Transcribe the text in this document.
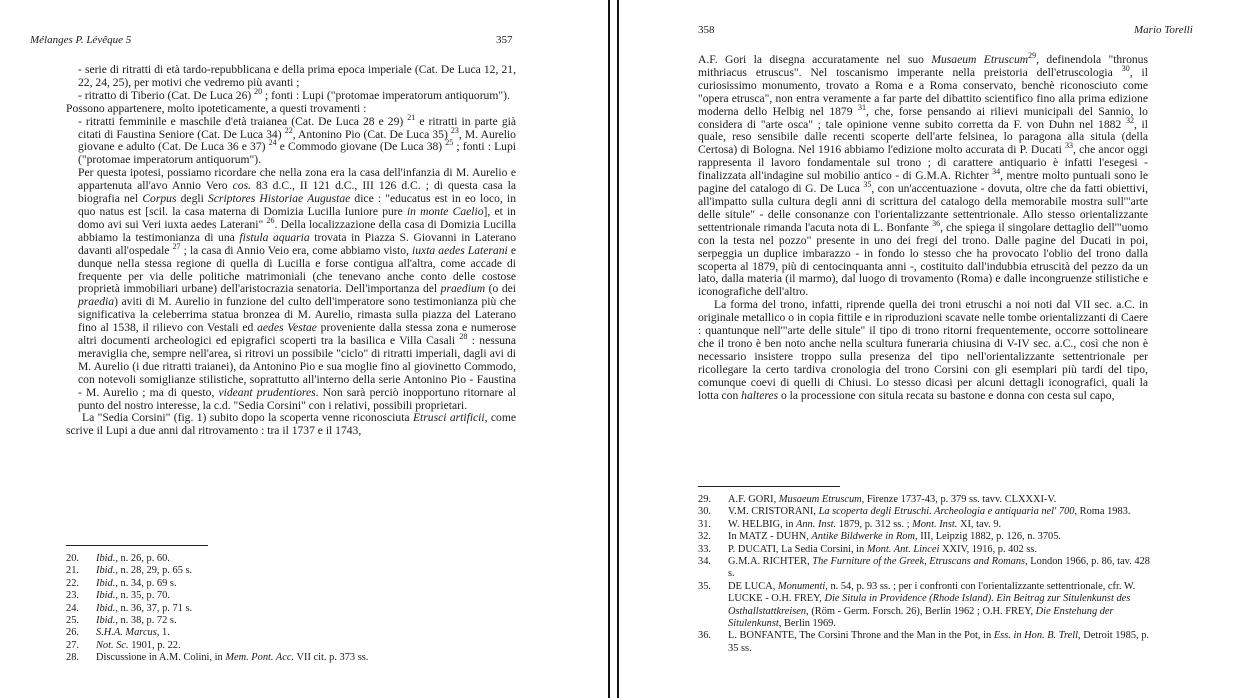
Mélanges P. Lévêque 5	357

- serie di ritratti di età tardo-repubblicana e della prima epoca imperiale (Cat. De Luca 12, 21, 22, 24, 25), per motivi che vedremo più avanti ;

- ritratto di Tiberio (Cat. De Luca 26) $^{20}$ ; fonti : Lupi ("protomae imperatorum antiquorum").

Possono appartenere, molto ipoteticamente, a questi trovamenti :

- ritratti femminile e maschile d'età traianea (Cat. De Luca 28 e 29) $^{21}$ e ritratti in parte già citati di Faustina Seniore (Cat. De Luca 34) $^{22}$, Antonino Pio (Cat. De Luca 35) $^{23}$, M. Aurelio giovane e adulto (Cat. De Luca 36 e 37) $^{24}$ e Commodo giovane (De Luca 38) $^{25}$ ; fonti : Lupi ("protomae imperatorum antiquorum").

Per questa ipotesi, possiamo ricordare che nella zona era la casa dell'infanzia di M. Aurelio e appartenuta all'avo Annio Vero cos. 83 d.C., II 121 d.C., III 126 d.C. ; di questa casa la biografia nel Corpus degli Scriptores Historiae Augustae dice : "educatus est in eo loco, in quo natus est [scil. la casa materna di Domizia Lucilla Iuniore pure in monte Caelio], et in domo avi sui Veri iuxta aedes Laterani" $^{26}$. Della localizzazione della casa di Domizia Lucilla abbiamo la testimonianza di una fistula aquaria trovata in Piazza S. Giovanni in Laterano davanti all'ospedale $^{27}$ ; la casa di Annio Veio era, come abbiamo visto, iuxta aedes Laterani e dunque nella stessa regione di quella di Lucilla e forse contigua all'altra, come accade di frequente per via delle politiche matrimoniali (che tenevano anche conto delle costose proprietà immobiliari urbane) dell'aristocrazia senatoria. Dell'importanza del praedium (o dei praedia) aviti di M. Aurelio in funzione del culto dell'imperatore sono testimonianza più che significativa la celeberrima statua bronzea di M. Aurelio, rimasta sulla piazza del Laterano fino al 1538, il rilievo con Vestali ed aedes Vestae proveniente dalla stessa zona e numerose altri documenti archeologici ed epigrafici scoperti tra la basilica e Villa Casali $^{28}$ : nessuna meraviglia che, sempre nell'area, si ritrovi un possibile "ciclo" di ritratti imperiali, dagli avi di M. Aurelio (i due ritratti traianei), da Antonino Pio e sua moglie fino al giovinetto Commodo, con notevoli somiglianze stilistiche, soprattutto all'interno della serie Antonino Pio - Faustina - M. Aurelio ; ma di questo, videant prudentiores. Non sarà perciò inopportuno ritornare al punto del nostro interesse, la c.d. "Sedia Corsini" con i relativi, possibili proprietari.

La "Sedia Corsini" (fig. 1) subito dopo la scoperta venne riconosciuta Etrusci artificii, come scrive il Lupi a due anni dal ritrovamento : tra il 1737 e il 1743,

20. Ibid., n. 26, p. 60.
21. Ibid., n. 28, 29, p. 65 s.
22. Ibid., n. 34, p. 69 s.
23. Ibid., n. 35, p. 70.
24. Ibid., n. 36, 37, p. 71 s.
25. Ibid., n. 38, p. 72 s.
26. S.H.A. Marcus, 1.
27. Not. Sc. 1901, p. 22.
28. Discussione in A.M. Colini, in Mem. Pont. Acc. VII cit. p. 373 ss.
358	Mario Torelli

A.F. Gori la disegna accuratamente nel suo Musaeum Etruscum$^{29}$, definendola "thronus mithriacus etruscus". Nel toscanismo imperante nella preistoria dell'etruscologia $^{30}$, il curiosissimo monumento, trovato a Roma e a Roma conservato, benchè riconosciuto come "opera etrusca", non entra veramente a far parte del dibattito scientifico fino alla prima edizione moderna dello Helbig nel 1879 $^{31}$, che, forse pensando ai rilievi municipali del Sannio, lo considera di "arte osca" ; tale opinione venne subito corretta da F. von Duhn nel 1882 $^{32}$, il quale, reso sensibile dalle recenti scoperte dell'arte felsinea, lo paragona alla situla (della Certosa) di Bologna. Nel 1916 abbiamo l'edizione molto accurata di P. Ducati $^{33}$, che ancor oggi rappresenta il lavoro fondamentale sul trono ; di carattere antiquario è infatti l'esegesi - finalizzata all'indagine sul mobilio antico - di G.M.A. Richter $^{34}$, mentre molto puntuali sono le pagine del catalogo di G. De Luca $^{35}$, con un'accentuazione - dovuta, oltre che da fatti obiettivi, all'impatto sulla cultura degli anni di scrittura del catalogo della memorabile mostra sull'"arte delle situle" - delle consonanze con l'orientalizzante settentrionale. Allo stesso orientalizzante settentrionale rimanda l'acuta nota di L. Bonfante $^{36}$, che spiega il singolare dettaglio dell'"uomo con la testa nel pozzo" presente in uno dei fregi del trono. Dalle pagine del Ducati in poi, serpeggia un duplice imbarazzo - in fondo lo stesso che ha provocato l'oblio del trono dalla scoperta al 1879, più di centocinquanta anni -, costituito dall'indubbia etruscità del pezzo da un lato, dalla materia (il marmo), dal luogo di trovamento (Roma) e dalle incongruenze stilistiche e iconografiche dell'altro.

La forma del trono, infatti, riprende quella dei troni etruschi a noi noti dal VII sec. a.C. in originale metallico o in copia fittile e in riproduzioni scavate nelle tombe orientalizzanti di Caere : quantunque nell'"arte delle situle" il tipo di trono ritorni frequentemente, occorre sottolineare che il trono è ben noto anche nella scultura funeraria chiusina di V-IV sec. a.C., così che non è necessario insistere troppo sulla presenza del tipo nell'orientalizzante settentrionale per ricollegare la certo tardiva cronologia del trono Corsini con gli esemplari più tardi del tipo, comunque coevi di quelli di Chiusi. Lo stesso dicasi per alcuni dettagli iconografici, quali la lotta con halteres o la processione con situla recata su bastone e donna con cesta sul capo,

29. A.F. GORI, Musaeum Etruscum, Firenze 1737-43, p. 379 ss. tavv. CLXXXI-V.
30. V.M. CRISTORANI, La scoperta degli Etruschi. Archeologia e antiquaria nel' 700, Roma 1983.
31. W. HELBIG, in Ann. Inst. 1879, p. 312 ss. ; Mont. Inst. XI, tav. 9.
32. In MATZ - DUHN, Antike Bildwerke in Rom, III, Leipzig 1882, p. 126, n. 3705.
33. P. DUCATI, La Sedia Corsini, in Mont. Ant. Lincei XXIV, 1916, p. 402 ss.
34. G.M.A. RICHTER, The Furniture of the Greek, Etruscans and Romans, London 1966, p. 86, tav. 428 s.
35. DE LUCA, Monumenti, n. 54, p. 93 ss. ; per i confronti con l'orientalizzante settentrionale, cfr. W. LUCKE - O.H. FREY, Die Situla in Providence (Rhode Island). Ein Beitrag zur Situlenkunst des Osthallstattkreisen, (Röm - Germ. Forsch. 26), Berlin 1962 ; O.H. FREY, Die Enstehung der Situlenkunst, Berlin 1969.
36. L. BONFANTE, The Corsini Throne and the Man in the Pot, in Ess. in Hon. B. Trell, Detroit 1985, p. 35 ss.
